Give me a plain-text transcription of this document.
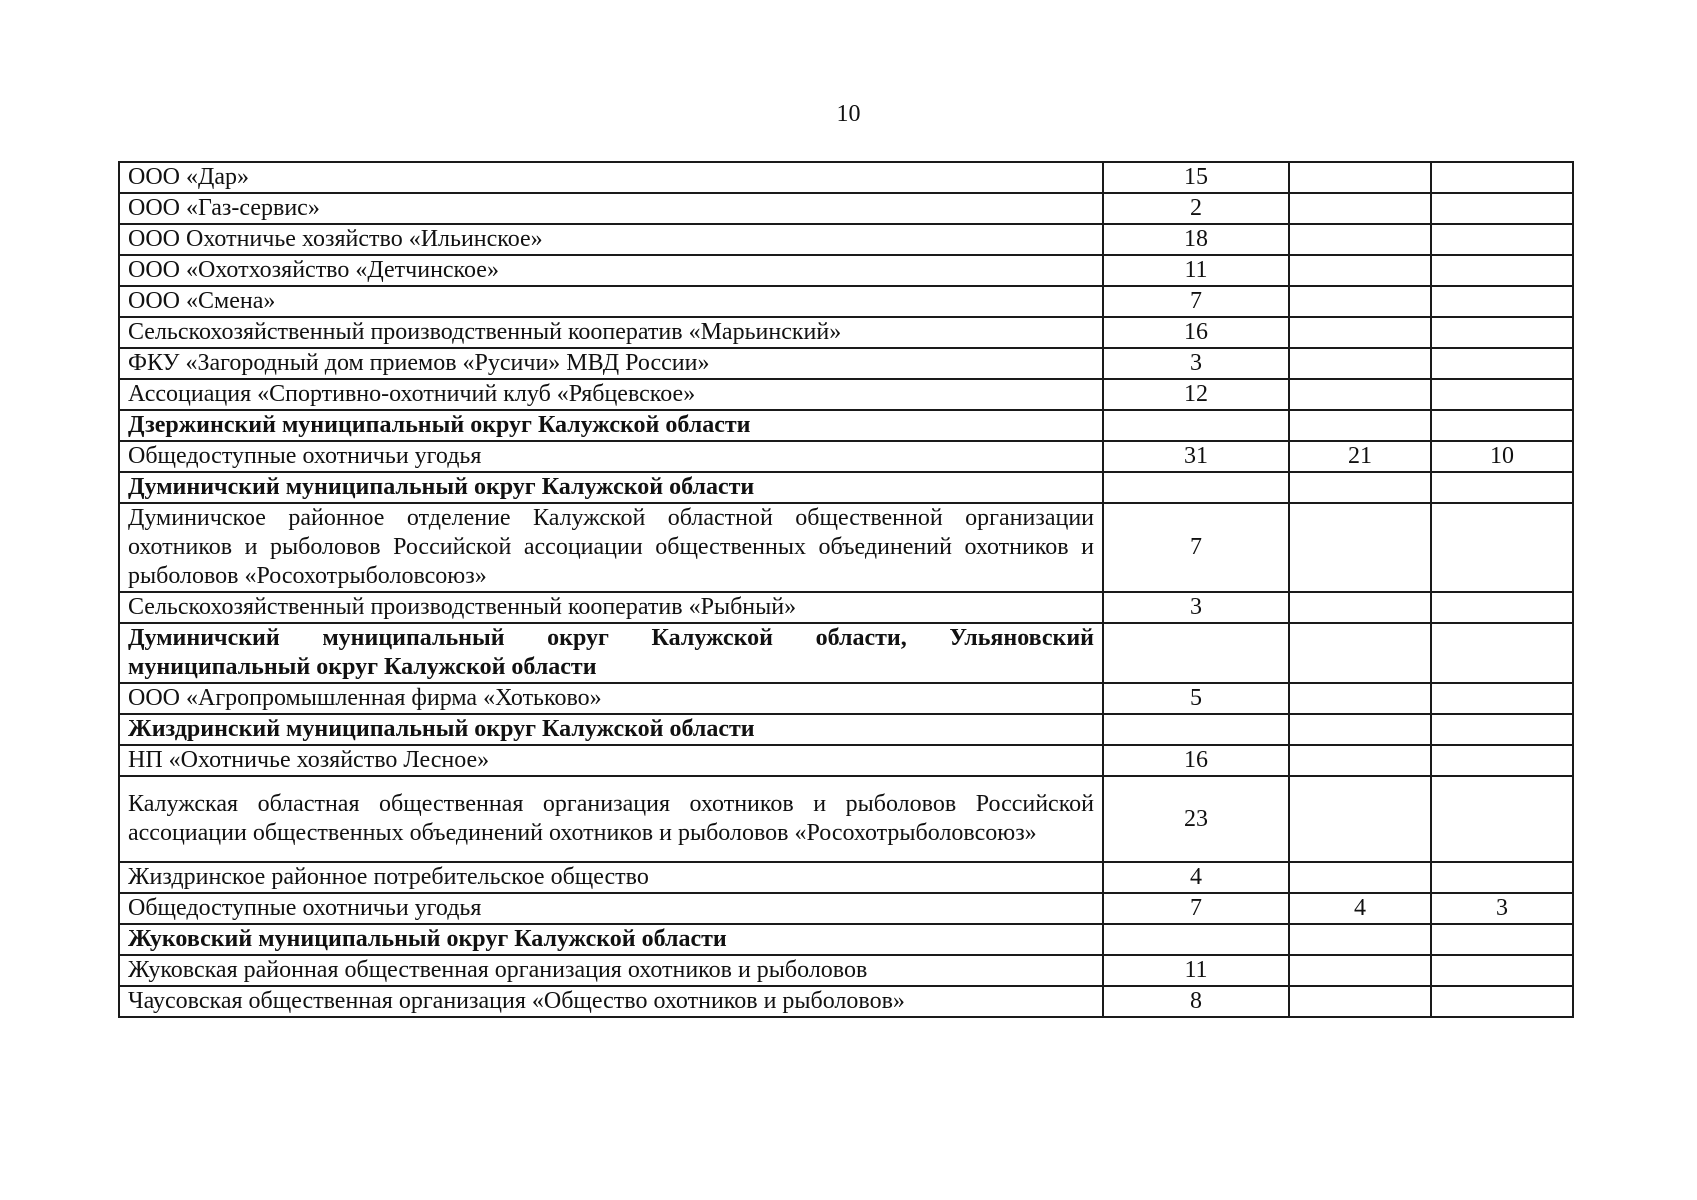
10
ООО «Дар»	15		
ООО «Газ-сервис»	2		
ООО Охотничье хозяйство «Ильинское»	18		
ООО «Охотхозяйство «Детчинское»	11		
ООО «Смена»	7		
Сельскохозяйственный производственный кооператив «Марьинский»	16		
ФКУ «Загородный дом приемов «Русичи» МВД России»	3		
Ассоциация «Спортивно-охотничий клуб «Рябцевское»	12		
Дзержинский муниципальный округ Калужской области			
Общедоступные охотничьи угодья	31	21	10
Думиничский муниципальный округ Калужской области			
Думиничское районное отделение Калужской областной общественной организации охотников и рыболовов Российской ассоциации общественных объединений охотников и рыболовов «Росохотрыболовсоюз»	7		
Сельскохозяйственный производственный кооператив «Рыбный»	3		
Думиничский муниципальный округ Калужской области, Ульяновский муниципальный округ Калужской области			
ООО «Агропромышленная фирма «Хотьково»	5		
Жиздринский муниципальный округ Калужской области			
НП «Охотничье хозяйство Лесное»	16		
Калужская областная общественная организация охотников и рыболовов Российской ассоциации общественных объединений охотников и рыболовов «Росохотрыболовсоюз»	23		
Жиздринское районное потребительское общество	4		
Общедоступные охотничьи угодья	7	4	3
Жуковский муниципальный округ Калужской области			
Жуковская районная общественная организация охотников и рыболовов	11		
Чаусовская общественная организация «Общество охотников и рыболовов»	8		
